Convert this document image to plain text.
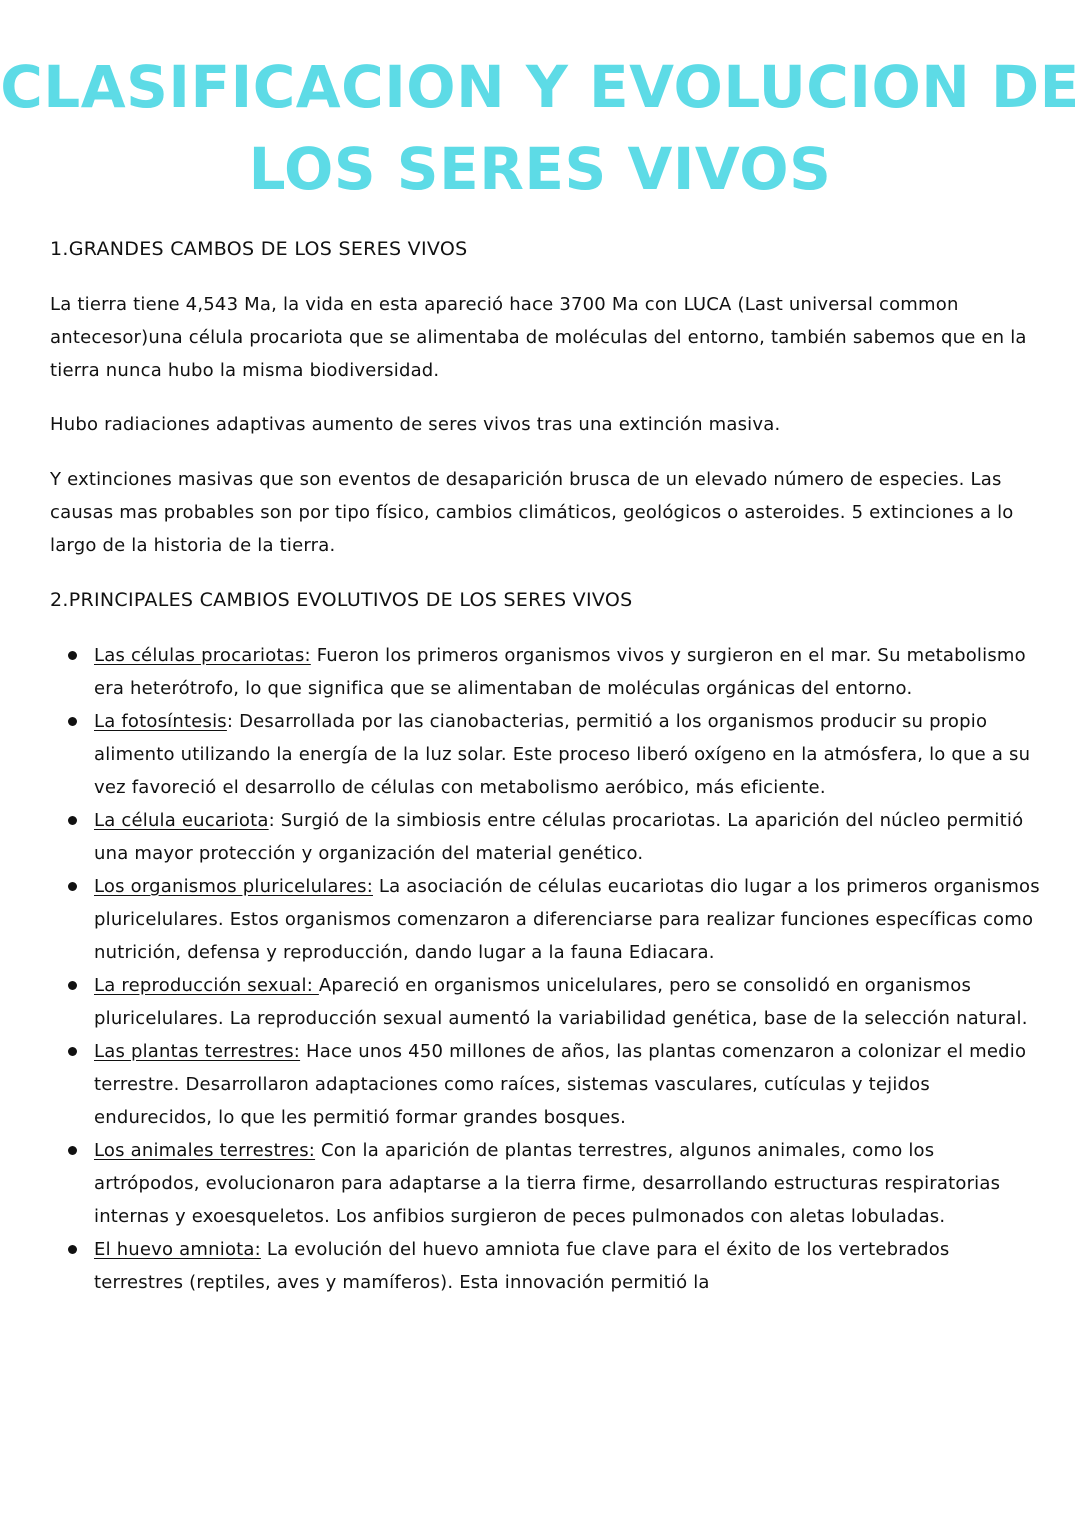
CLASIFICACION Y EVOLUCION DE
LOS SERES VIVOS
1.GRANDES CAMBOS DE LOS SERES VIVOS

La tierra tiene 4,543 Ma, la vida en esta apareció hace 3700 Ma con LUCA (Last universal common antecesor)una célula procariota que se alimentaba de moléculas del entorno, también sabemos que en la tierra nunca hubo la misma biodiversidad.

Hubo radiaciones adaptivas aumento de seres vivos tras una extinción masiva.

Y extinciones masivas que son eventos de desaparición brusca de un elevado número de especies. Las causas mas probables son por tipo físico, cambios climáticos, geológicos o asteroides. 5 extinciones a lo largo de la historia de la tierra.

2.PRINCIPALES CAMBIOS EVOLUTIVOS DE LOS SERES VIVOS
Las células procariotas: Fueron los primeros organismos vivos y surgieron en el mar. Su metabolismo era heterótrofo, lo que significa que se alimentaban de moléculas orgánicas del entorno.
La fotosíntesis: Desarrollada por las cianobacterias, permitió a los organismos producir su propio alimento utilizando la energía de la luz solar. Este proceso liberó oxígeno en la atmósfera, lo que a su vez favoreció el desarrollo de células con metabolismo aeróbico, más eficiente.
La célula eucariota: Surgió de la simbiosis entre células procariotas. La aparición del núcleo permitió una mayor protección y organización del material genético.
Los organismos pluricelulares: La asociación de células eucariotas dio lugar a los primeros organismos pluricelulares. Estos organismos comenzaron a diferenciarse para realizar funciones específicas como nutrición, defensa y reproducción, dando lugar a la fauna Ediacara.
La reproducción sexual: Apareció en organismos unicelulares, pero se consolidó en organismos pluricelulares. La reproducción sexual aumentó la variabilidad genética, base de la selección natural.
Las plantas terrestres: Hace unos 450 millones de años, las plantas comenzaron a colonizar el medio terrestre. Desarrollaron adaptaciones como raíces, sistemas vasculares, cutículas y tejidos endurecidos, lo que les permitió formar grandes bosques.
Los animales terrestres: Con la aparición de plantas terrestres, algunos animales, como los artrópodos, evolucionaron para adaptarse a la tierra firme, desarrollando estructuras respiratorias internas y exoesqueletos. Los anfibios surgieron de peces pulmonados con aletas lobuladas.
El huevo amniota: La evolución del huevo amniota fue clave para el éxito de los vertebrados terrestres (reptiles, aves y mamíferos). Esta innovación permitió la
